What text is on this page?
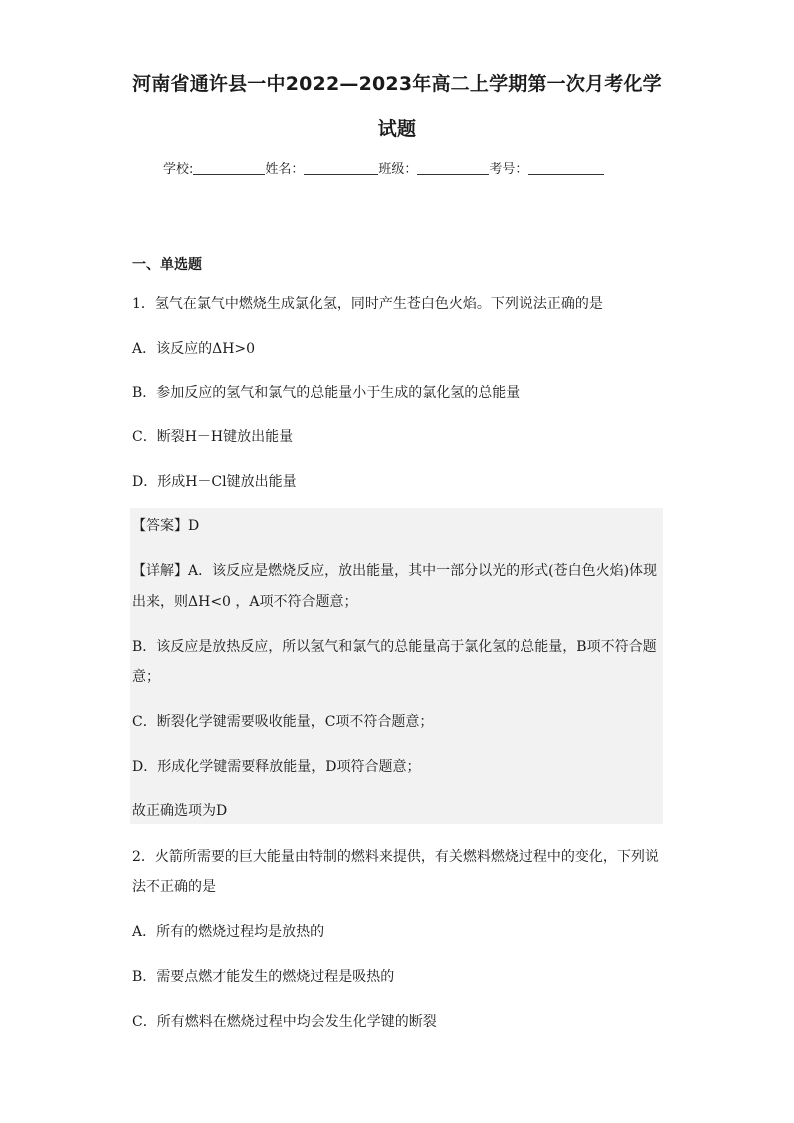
河南省通许县一中2022—2023年高二上学期第一次月考化学
试题
学校:	姓名：	班级：	考号：
一、单选题
1．氢气在氯气中燃烧生成氯化氢，同时产生苍白色火焰。下列说法正确的是
A．该反应的ΔH>0
B．参加反应的氢气和氯气的总能量小于生成的氯化氢的总能量
C．断裂H－H键放出能量
D．形成H－Cl键放出能量
【答案】D
【详解】A．该反应是燃烧反应，放出能量，其中一部分以光的形式(苍白色火焰)体现
出来，则ΔH<0 ，A项不符合题意；
B．该反应是放热反应，所以氢气和氯气的总能量高于氯化氢的总能量，B项不符合题
意；
C．断裂化学键需要吸收能量，C项不符合题意；
D．形成化学键需要释放能量，D项符合题意；
故正确选项为D
2．火箭所需要的巨大能量由特制的燃料来提供，有关燃料燃烧过程中的变化，下列说
法不正确的是
A．所有的燃烧过程均是放热的
B．需要点燃才能发生的燃烧过程是吸热的
C．所有燃料在燃烧过程中均会发生化学键的断裂
